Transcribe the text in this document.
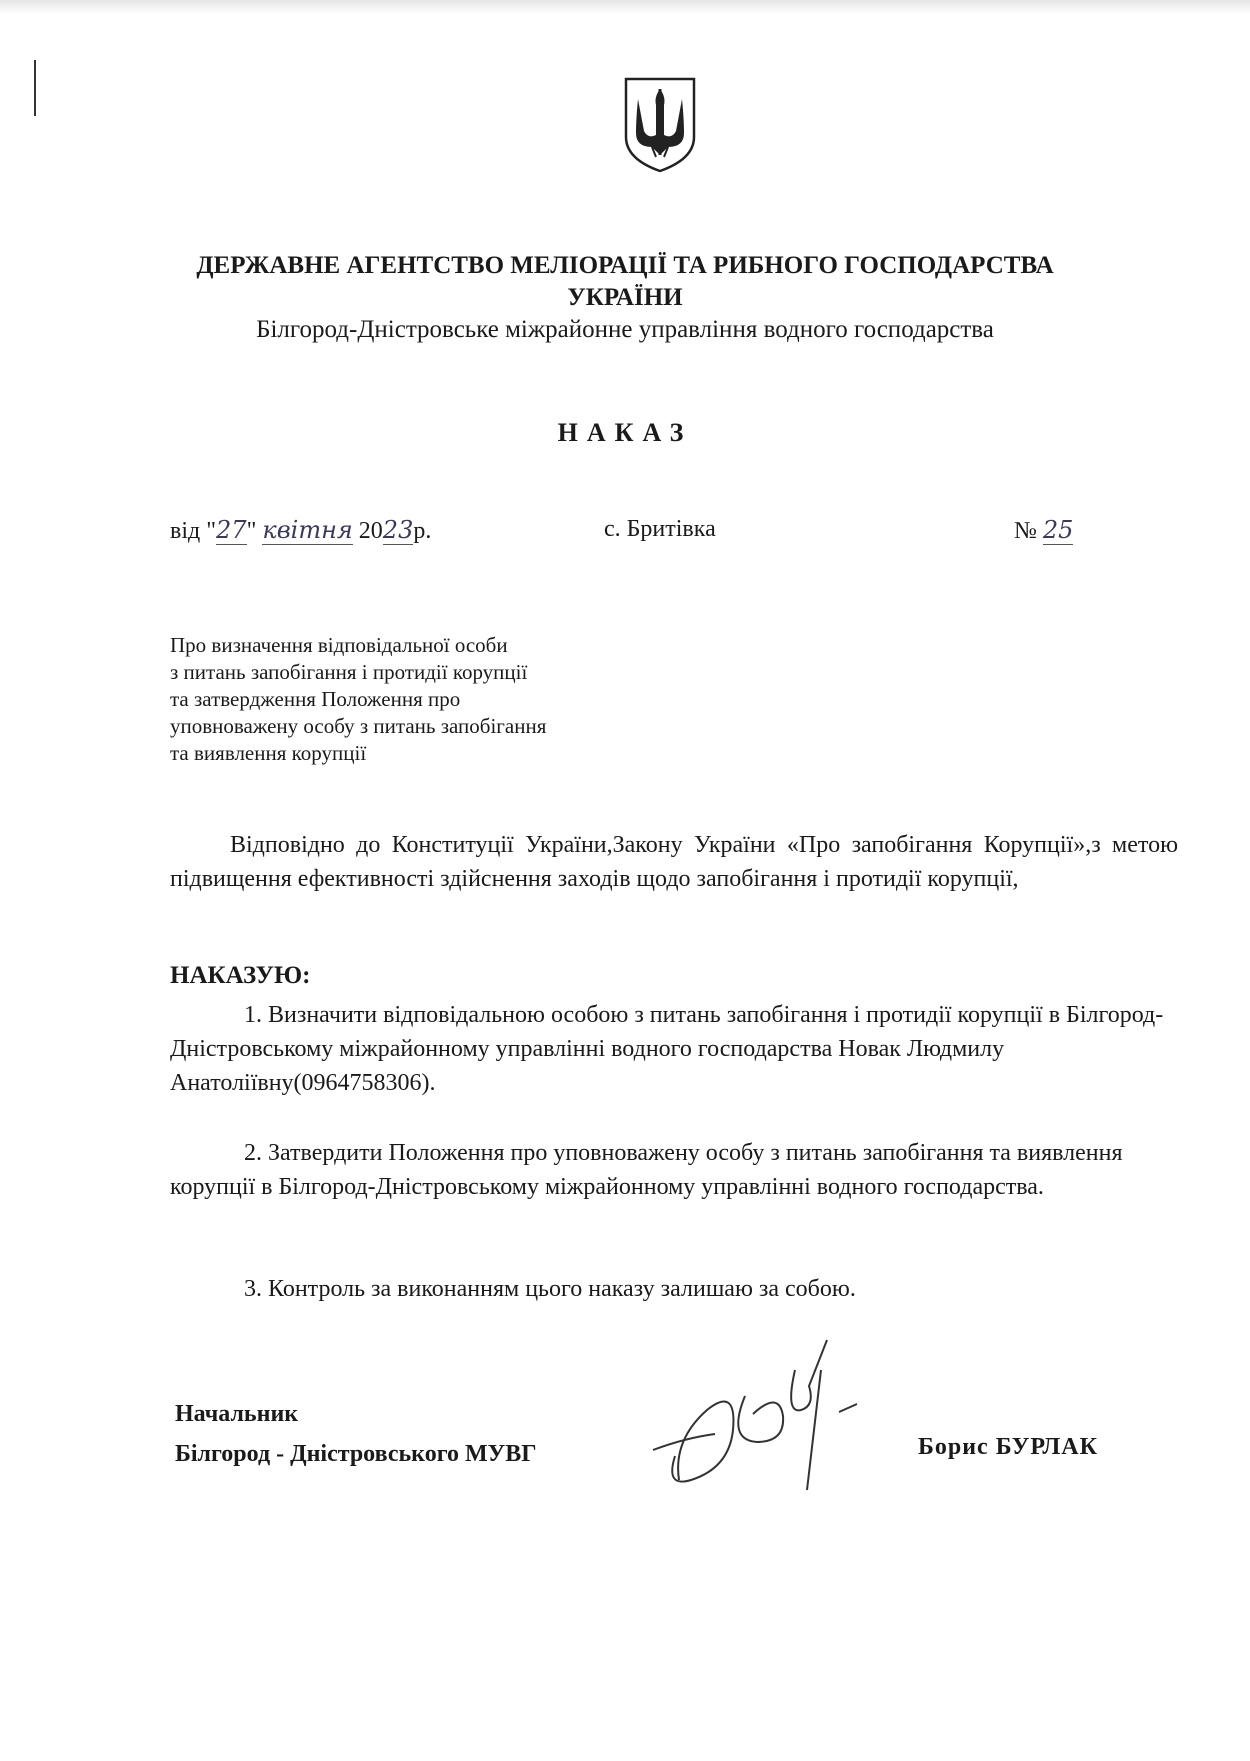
ДЕРЖАВНЕ АГЕНТСТВО МЕЛІОРАЦІЇ ТА РИБНОГО ГОСПОДАРСТВА
УКРАЇНИ
Білгород-Дністровське міжрайонне управління водного господарства
НАКАЗ
від "27" квітня 2023р.	с. Бритівка	№ 25
Про визначення відповідальної особи
з питань запобігання і протидії корупції
та затвердження Положення про
уповноважену особу з питань запобігання
та виявлення корупції
Відповідно до Конституції України,Закону України «Про запобігання Корупції»,з метою підвищення ефективності здійснення заходів щодо запобігання і протидії корупції,
НАКАЗУЮ:
1. Визначити відповідальною особою з питань запобігання і протидії корупції в Білгород-Дністровському міжрайонному управлінні водного господарства Новак Людмилу Анатоліївну(0964758306).
2. Затвердити Положення про уповноважену особу з питань запобігання та виявлення корупції в Білгород-Дністровському міжрайонному управлінні водного господарства.
3. Контроль за виконанням цього наказу залишаю за собою.
Начальник
Білгород - Дністровського МУВГ	Борис БУРЛАК
